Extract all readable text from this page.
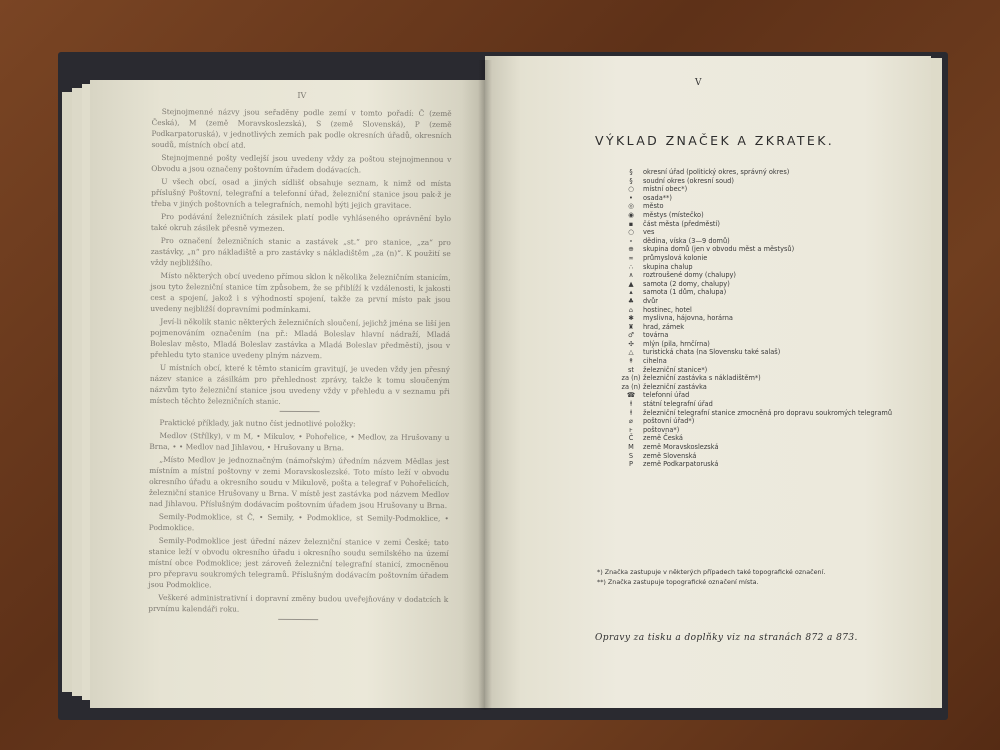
IV

Stejnojmenné názvy jsou seřaděny podle zemí v tomto pořadí: Č (země Česká), M (země Moravskoslezská), S (země Slovenská), P (země Podkarpatoruská), v jednotlivých zemích pak podle okresních úřadů, okresních soudů, místních obcí atd.

Stejnojmenné pošty vedlejší jsou uvedeny vždy za poštou stejnojmennou v Obvodu a jsou označeny poštovním úřadem dodávacích.

U všech obcí, osad a jiných sídlišť obsahuje seznam, k nimž od místa příslušný Poštovní, telegrafní a telefonní úřad, železniční stanice jsou pak-ž je třeba v jiných poštovních a telegrafních, nemohl býti jejich gravitace.

Pro podávání železničních zásilek platí podle vyhláseného oprávnění bylo také okruh zásilek přesně vymezen.

Pro označení železničních stanic a zastávek „st.“ pro stanice, „za“ pro zastávky, „n“ pro nákladiště a pro zastávky s nákladištěm „za (n)“. K použití se vždy nejbližšího.

Místo některých obcí uvedeno přímou sklon k několika železničním stanicím, jsou tyto železniční stanice tím způsobem, že se přiblíží k vzdálenosti, k jakosti cest a spojení, jakož i s výhodností spojení, takže za první místo pak jsou uvedeny nejbližší dopravními podmínkami.

Jeví-li několik stanic některých železničních sloučení, jejichž jména se liší jen pojmenováním označením (na př.: Mladá Boleslav hlavní nádraží, Mladá Boleslav město, Mladá Boleslav zastávka a Mladá Boleslav předměstí), jsou v přehledu tyto stanice uvedeny plným názvem.

U místních obcí, které k těmto stanicím gravitují, je uveden vždy jen přesný název stanice a zásilkám pro přehlednost zprávy, takže k tomu sloučeným názvům tyto železniční stanice jsou uvedeny vždy v přehledu a v seznamu při místech těchto železničních stanic.

Praktické příklady, jak nutno číst jednotlivé položky:

Medlov (Střílky), v m M, • Mikulov, • Pohořelice, • Medlov, za Hrušovany u Brna, • • Medlov nad Jihlavou, • Hrušovany u Brna.

„Místo Medlov je jednoznačným (námořským) úředním názvem Mědlas jest místním a místní poštovny v zemi Moravskoslezské. Toto místo leží v obvodu okresního úřadu a okresního soudu v Mikulově, pošta a telegraf v Pohořelicích, železniční stanice Hrušovany u Brna. V místě jest zastávka pod názvem Medlov nad Jihlavou. Příslušným dodávacím poštovním úřadem jsou Hrušovany u Brna.

Semily-Podmoklice, st Č, • Semily, • Podmoklice, st Semily-Podmoklice, • Podmoklice.

Semily-Podmoklice jest úřední název železniční stanice v zemi České; tato stanice leží v obvodu okresního úřadu i okresního soudu semilského na území místní obce Podmoklice; jest zároveň železniční telegrafní stanicí, zmocněnou pro přepravu soukromých telegramů. Příslušným dodávacím poštovním úřadem jsou Podmoklice.

Veškeré administrativní i dopravní změny budou uveřejňovány v dodatcích k prvnímu kalendáři roku.

V
VÝKLAD ZNAČEK A ZKRATEK.
§	okresní úřad (politický okres, správný okres)
§	soudní okres (okresní soud)
○	místní obec*)
•	osada**)
◎	město
◉	městys (místečko)
▪	část města (předměstí)
○	ves
∘	dědina, víska (3—9 domů)
⊕	skupina domů (jen v obvodu měst a městysů)
∞	průmyslová kolonie
∴	skupina chalup
∧	roztroušené domy (chalupy)
▲	samota (2 domy, chalupy)
▴	samota (1 dům, chalupa)
♣	dvůr
⌂	hostinec, hotel
✱	myslivna, hájovna, horárna
♜	hrad, zámek
♂	továrna
✣	mlýn (pila, hrnčírna)
△	turistická chata (na Slovensku také salaš)
↟	cihelna
st	železniční stanice*)
za (n) železniční zastávka s nákladištěm*)
za (n) železniční zastávka
☎	telefonní úřad
ⱡ	státní telegrafní úřad
ⱡ	železniční telegrafní stanice zmocněná pro dopravu soukromých telegramů
⌀	poštovní úřad*)
ⱶ	poštovna*)
Č	země Česká
M	země Moravskoslezská
S	země Slovenská
P	země Podkarpatoruská
*) Značka zastupuje v některých případech také topografické označení.
**) Značka zastupuje topografické označení místa.
Opravy za tisku a doplňky viz na stranách 872 a 873.
